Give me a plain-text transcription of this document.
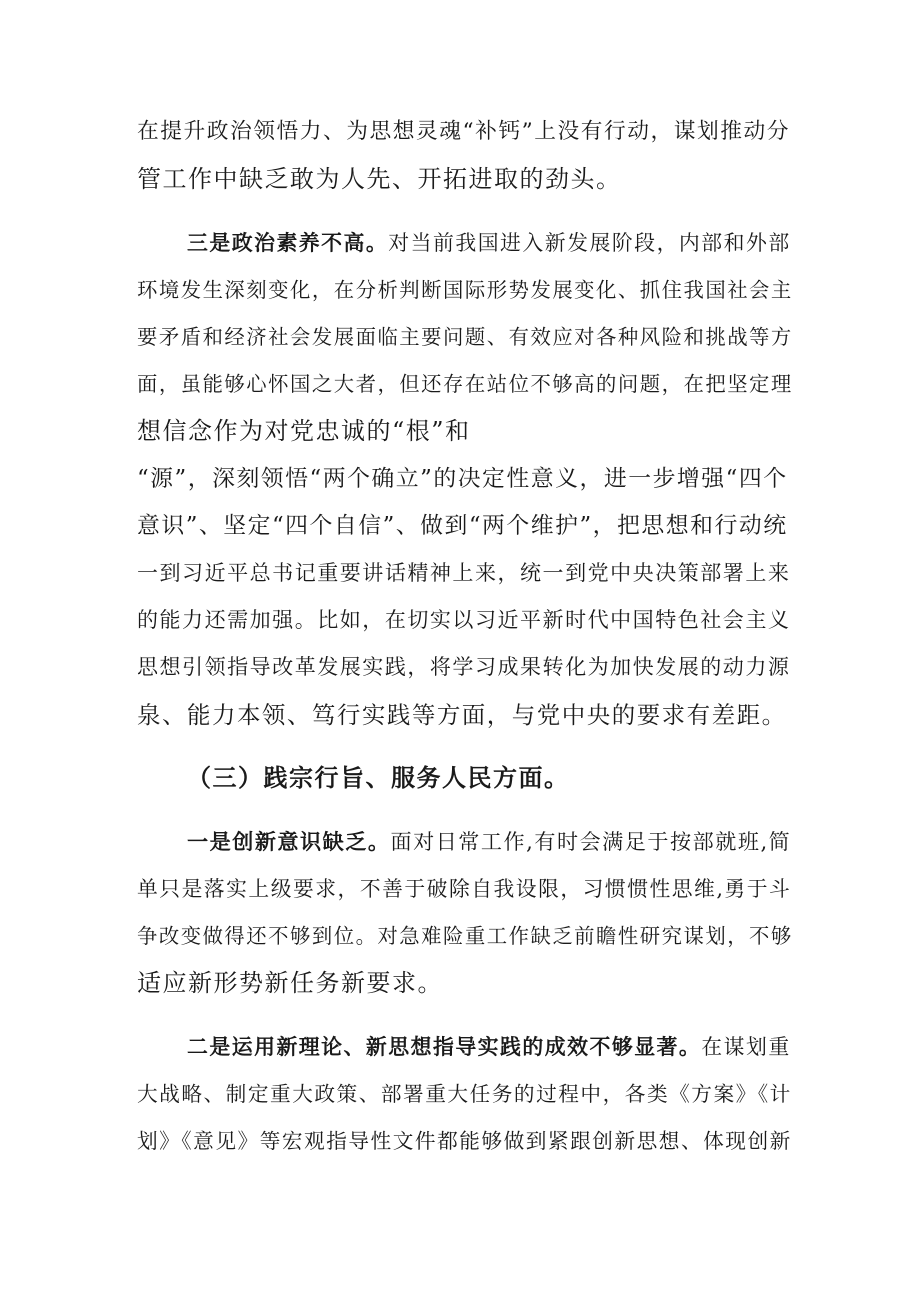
在提升政治领悟力、为思想灵魂“补钙”上没有行动，谋划推动分
管工作中缺乏敢为人先、开拓进取的劲头。
三是政治素养不高。对当前我国进入新发展阶段，内部和外部
环境发生深刻变化，在分析判断国际形势发展变化、抓住我国社会主
要矛盾和经济社会发展面临主要问题、有效应对各种风险和挑战等方
面，虽能够心怀国之大者，但还存在站位不够高的问题，在把坚定理
想信念作为对党忠诚的“根”和
“源”，深刻领悟“两个确立”的决定性意义，进一步增强“四个
意识”、坚定“四个自信”、做到“两个维护”，把思想和行动统
一到习近平总书记重要讲话精神上来，统一到党中央决策部署上来
的能力还需加强。比如，在切实以习近平新时代中国特色社会主义
思想引领指导改革发展实践，将学习成果转化为加快发展的动力源
泉、能力本领、笃行实践等方面，与党中央的要求有差距。
（三）践宗行旨、服务人民方面。
一是创新意识缺乏。面对日常工作,有时会满足于按部就班,简
单只是落实上级要求，不善于破除自我设限，习惯惯性思维,勇于斗
争改变做得还不够到位。对急难险重工作缺乏前瞻性研究谋划，不够
适应新形势新任务新要求。
二是运用新理论、新思想指导实践的成效不够显著。在谋划重
大战略、制定重大政策、部署重大任务的过程中，各类《方案》《计
划》《意见》等宏观指导性文件都能够做到紧跟创新思想、体现创新
